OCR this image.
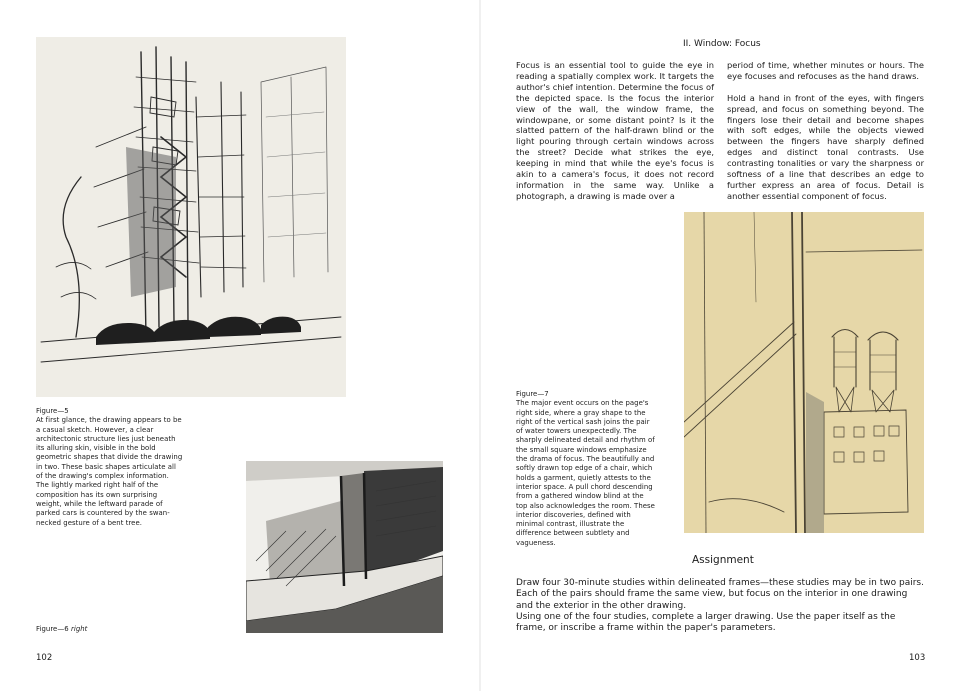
Figure—5
At first glance, the drawing appears to be a casual sketch. However, a clear architectonic structure lies just beneath its alluring skin, visible in the bold geometric shapes that divide the drawing in two. These basic shapes articulate all of the drawing's complex information. The lightly marked right half of the composition has its own surprising weight, while the leftward parade of parked cars is countered by the swan-necked gesture of a bent tree.
Figure—6 right
102
II. Window: Focus

Focus is an essential tool to guide the eye in reading a spatially complex work. It targets the author's chief intention. Determine the focus of the depicted space. Is the focus the interior view of the wall, the window frame, the windowpane, or some distant point? Is it the slatted pattern of the half-drawn blind or the light pouring through certain windows across the street? Decide what strikes the eye, keeping in mind that while the eye's focus is akin to a camera's focus, it does not record information in the same way. Unlike a photograph, a drawing is made over a

period of time, whether minutes or hours. The eye focuses and refocuses as the hand draws.

Hold a hand in front of the eyes, with fingers spread, and focus on something beyond. The fingers lose their detail and become shapes with soft edges, while the objects viewed between the fingers have sharply defined edges and distinct tonal contrasts. Use contrasting tonalities or vary the sharpness or softness of a line that describes an edge to further express an area of focus. Detail is another essential component of focus.

Figure—7
The major event occurs on the page's right side, where a gray shape to the right of the vertical sash joins the pair of water towers unexpectedly. The sharply delineated detail and rhythm of the small square windows emphasize the drama of focus. The beautifully and softly drawn top edge of a chair, which holds a garment, quietly attests to the interior space. A pull chord descending from a gathered window blind at the top also acknowledges the room. These interior discoveries, defined with minimal contrast, illustrate the difference between subtlety and vagueness.
Assignment

Draw four 30-minute studies within delineated frames—these studies may be in two pairs. Each of the pairs should frame the same view, but focus on the interior in one drawing and the exterior in the other drawing.

Using one of the four studies, complete a larger drawing. Use the paper itself as the frame, or inscribe a frame within the paper's parameters.

103
